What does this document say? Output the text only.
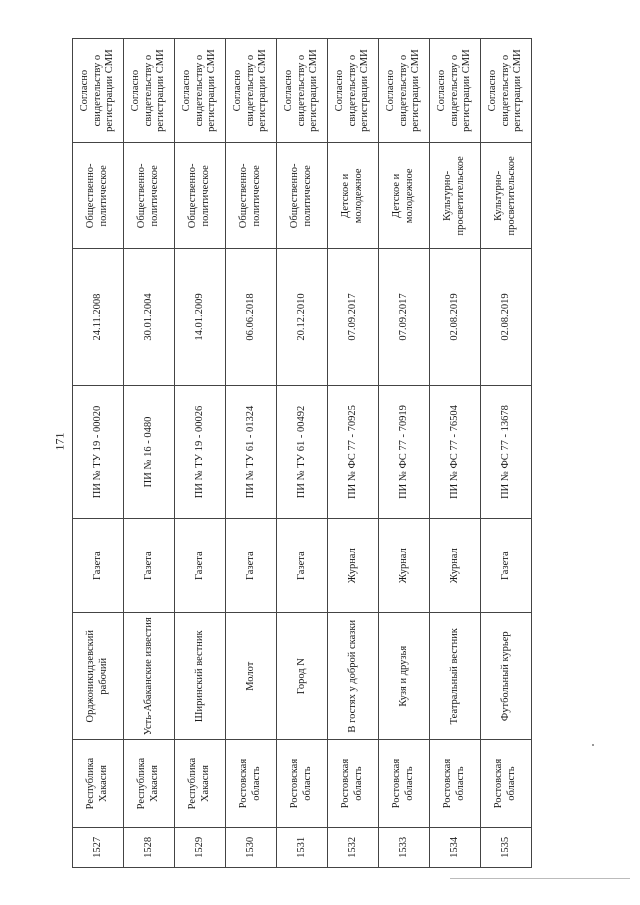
171
1527	Республика Хакасия	Орджоникидзевский рабочий	Газета	ПИ № ТУ 19 - 00020	24.11.2008	Общественно-политическое	Согласно свидетельству о регистрации СМИ
1528	Республика Хакасия	Усть-Абаканские известия	Газета	ПИ № 16 - 0480	30.01.2004	Общественно-политическое	Согласно свидетельству о регистрации СМИ
1529	Республика Хакасия	Ширинский вестник	Газета	ПИ № ТУ 19 - 00026	14.01.2009	Общественно-политическое	Согласно свидетельству о регистрации СМИ
1530	Ростовская область	Молот	Газета	ПИ № ТУ 61 - 01324	06.06.2018	Общественно-политическое	Согласно свидетельству о регистрации СМИ
1531	Ростовская область	Город N	Газета	ПИ № ТУ 61 - 00492	20.12.2010	Общественно-политическое	Согласно свидетельству о регистрации СМИ
1532	Ростовская область	В гостях у доброй сказки	Журнал	ПИ № ФС 77 - 70925	07.09.2017	Детское и молодежное	Согласно свидетельству о регистрации СМИ
1533	Ростовская область	Кузя и друзья	Журнал	ПИ № ФС 77 - 70919	07.09.2017	Детское и молодежное	Согласно свидетельству о регистрации СМИ
1534	Ростовская область	Театральный вестник	Журнал	ПИ № ФС 77 - 76504	02.08.2019	Культурно-просветительское	Согласно свидетельству о регистрации СМИ
1535	Ростовская область	Футбольный курьер	Газета	ПИ № ФС 77 - 13678	02.08.2019	Культурно-просветительское	Согласно свидетельству о регистрации СМИ
